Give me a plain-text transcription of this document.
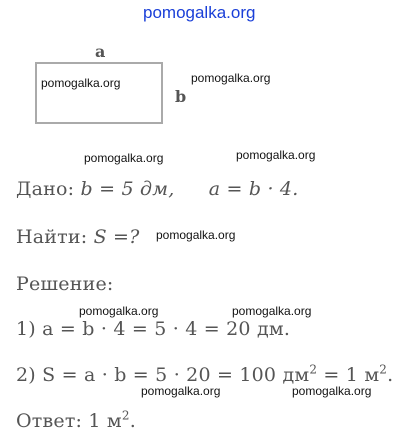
pomogalka.org
a
b
pomogalka.org	pomogalka.org
pomogalka.org	pomogalka.org
pomogalka.org
pomogalka.org	pomogalka.org
pomogalka.org	pomogalka.org
Дано: b = 5 дм, a = b · 4.
Найти: S =?
Решение:
1) a = b · 4 = 5 · 4 = 20 дм.
2) S = a · b = 5 · 20 = 100 $дм^2 = 1$ $м^2$.
Ответ: 1 $м^2$.
